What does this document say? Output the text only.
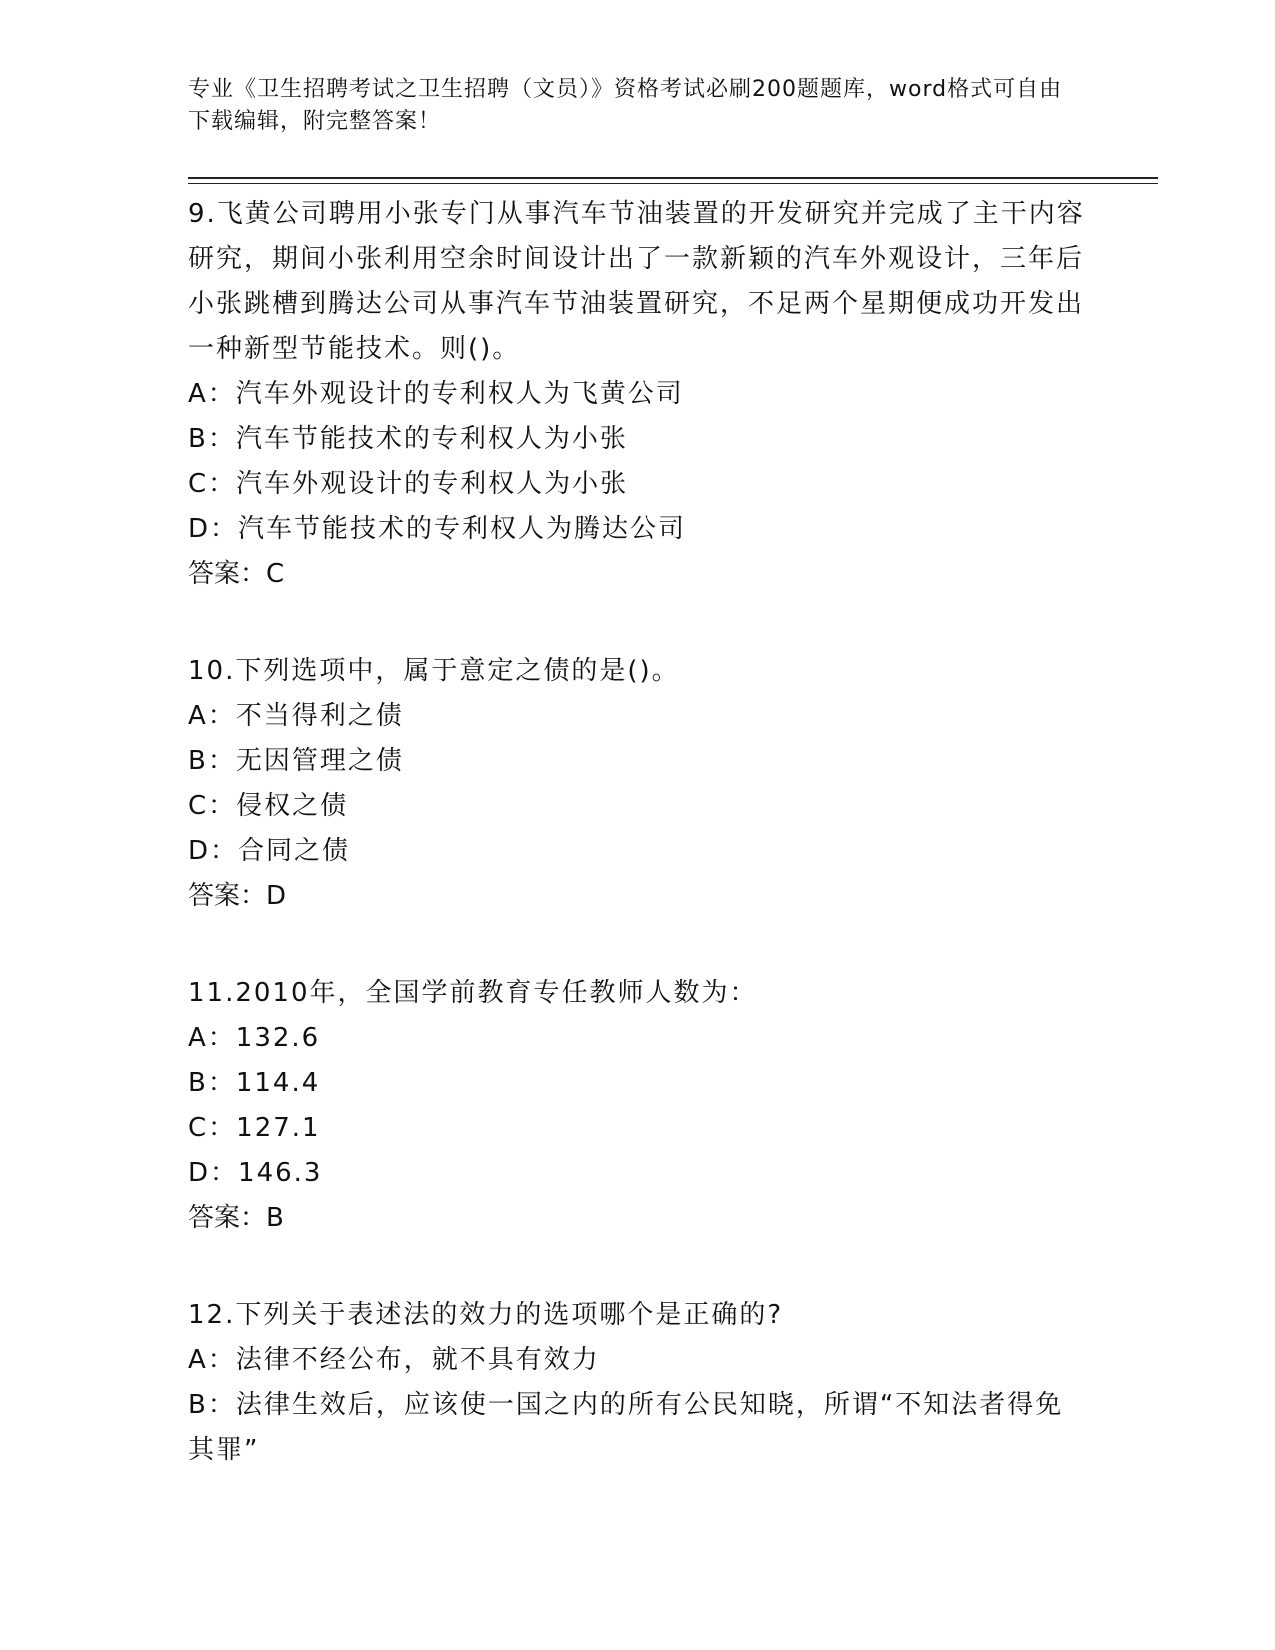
专业《卫生招聘考试之卫生招聘（文员）》资格考试必刷200题题库，word格式可自由下载编辑，附完整答案！

9.飞黄公司聘用小张专门从事汽车节油装置的开发研究并完成了主干内容研究，期间小张利用空余时间设计出了一款新颖的汽车外观设计，三年后小张跳槽到腾达公司从事汽车节油装置研究，不足两个星期便成功开发出一种新型节能技术。则()。

A：汽车外观设计的专利权人为飞黄公司

B：汽车节能技术的专利权人为小张

C：汽车外观设计的专利权人为小张

D：汽车节能技术的专利权人为腾达公司

答案：C

10.下列选项中，属于意定之债的是()。

A：不当得利之债

B：无因管理之债

C：侵权之债

D：合同之债

答案：D

11.2010年，全国学前教育专任教师人数为：

A：132.6

B：114.4

C：127.1

D：146.3

答案：B

12.下列关于表述法的效力的选项哪个是正确的?

A：法律不经公布，就不具有效力

B：法律生效后，应该使一国之内的所有公民知晓，所谓“不知法者得免其罪”
